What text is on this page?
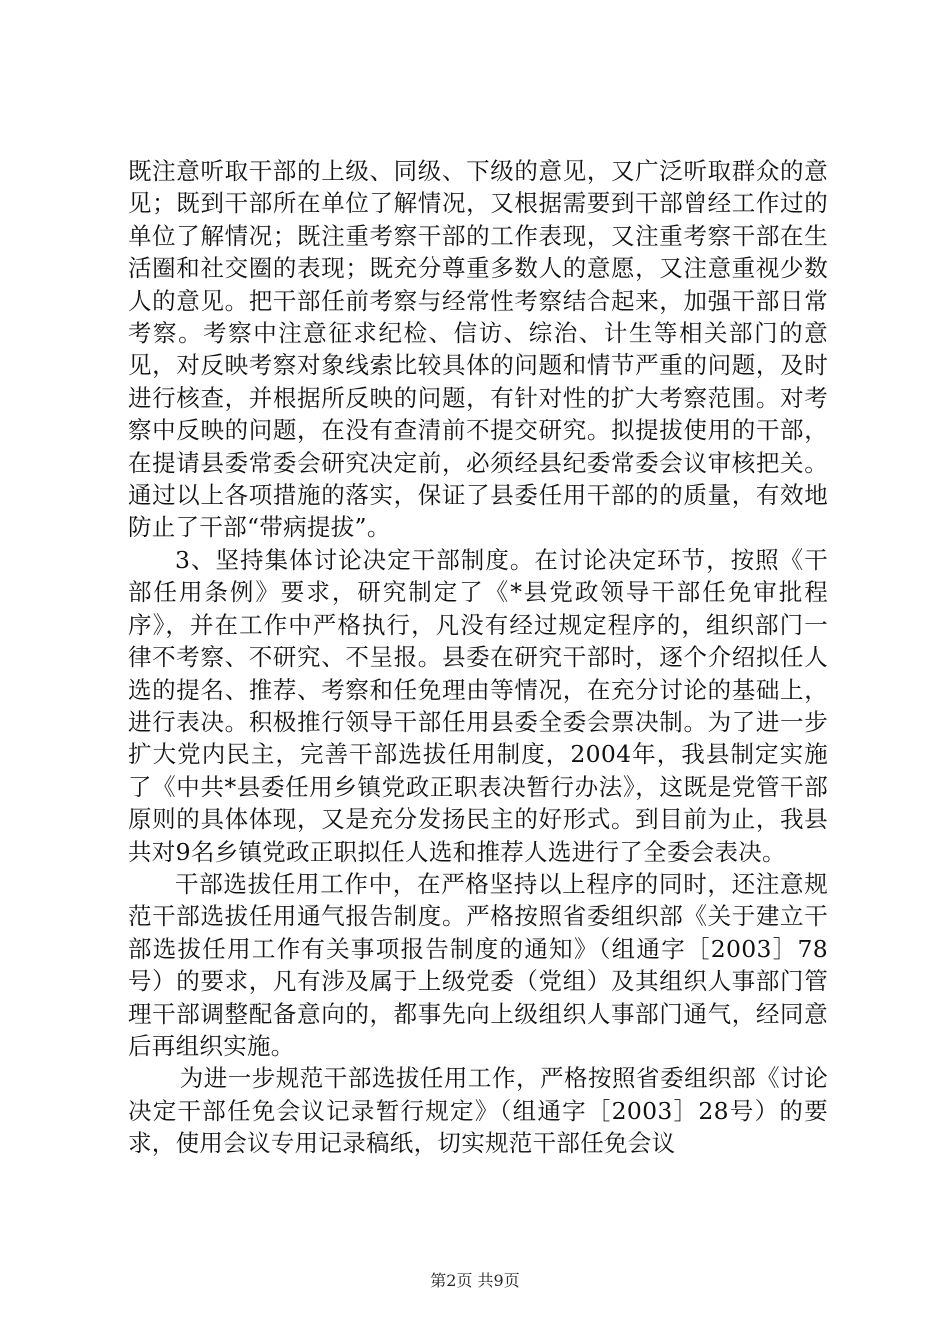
既注意听取干部的上级、同级、下级的意见，又广泛听取群众的意见；既到干部所在单位了解情况，又根据需要到干部曾经工作过的单位了解情况；既注重考察干部的工作表现，又注重考察干部在生活圈和社交圈的表现；既充分尊重多数人的意愿，又注意重视少数人的意见。把干部任前考察与经常性考察结合起来，加强干部日常考察。考察中注意征求纪检、信访、综治、计生等相关部门的意见，对反映考察对象线索比较具体的问题和情节严重的问题，及时进行核查，并根据所反映的问题，有针对性的扩大考察范围。对考察中反映的问题，在没有查清前不提交研究。拟提拔使用的干部，在提请县委常委会研究决定前，必须经县纪委常委会议审核把关。通过以上各项措施的落实，保证了县委任用干部的的质量，有效地防止了干部“带病提拔”。

3、坚持集体讨论决定干部制度。在讨论决定环节，按照《干部任用条例》要求，研究制定了《*县党政领导干部任免审批程序》，并在工作中严格执行，凡没有经过规定程序的，组织部门一律不考察、不研究、不呈报。县委在研究干部时，逐个介绍拟任人选的提名、推荐、考察和任免理由等情况，在充分讨论的基础上，进行表决。积极推行领导干部任用县委全委会票决制。为了进一步扩大党内民主，完善干部选拔任用制度，2004年，我县制定实施了《中共*县委任用乡镇党政正职表决暂行办法》，这既是党管干部原则的具体体现，又是充分发扬民主的好形式。到目前为止，我县共对9名乡镇党政正职拟任人选和推荐人选进行了全委会表决。

干部选拔任用工作中，在严格坚持以上程序的同时，还注意规范干部选拔任用通气报告制度。严格按照省委组织部《关于建立干部选拔任用工作有关事项报告制度的通知》（组通字［2003］78号）的要求，凡有涉及属于上级党委（党组）及其组织人事部门管理干部调整配备意向的，都事先向上级组织人事部门通气，经同意后再组织实施。

为进一步规范干部选拔任用工作，严格按照省委组织部《讨论决定干部任免会议记录暂行规定》（组通字［2003］28号）的要求，使用会议专用记录稿纸，切实规范干部任免会议

第2页 共9页
